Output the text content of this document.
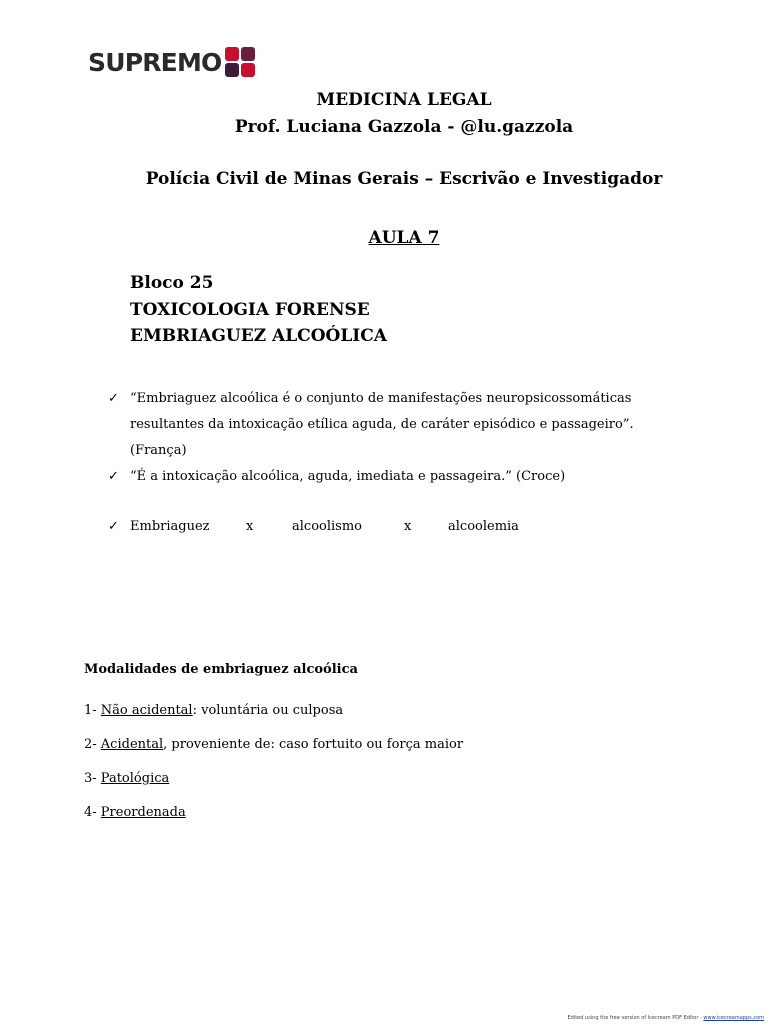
SUPREMO
MEDICINA LEGAL
Prof. Luciana Gazzola - @lu.gazzola
Polícia Civil de Minas Gerais – Escrivão e Investigador
AULA 7
Bloco 25
TOXICOLOGIA FORENSE
EMBRIAGUEZ ALCOÓLICA
✓ “Embriaguez alcoólica é o conjunto de manifestações neuropsicossomáticas
resultantes da intoxicação etílica aguda, de caráter episódico e passageiro”.
(França)
✓ “É a intoxicação alcoólica, aguda, imediata e passageira.” (Croce)
✓ Embriaguez	x	alcoolismo	x	alcoolemia
Modalidades de embriaguez alcoólica
1- Não acidental: voluntária ou culposa
2- Acidental, proveniente de: caso fortuito ou força maior
3- Patológica
4- Preordenada
Edited using the free version of Icecream PDF Editor - www.icecreamapps.com
